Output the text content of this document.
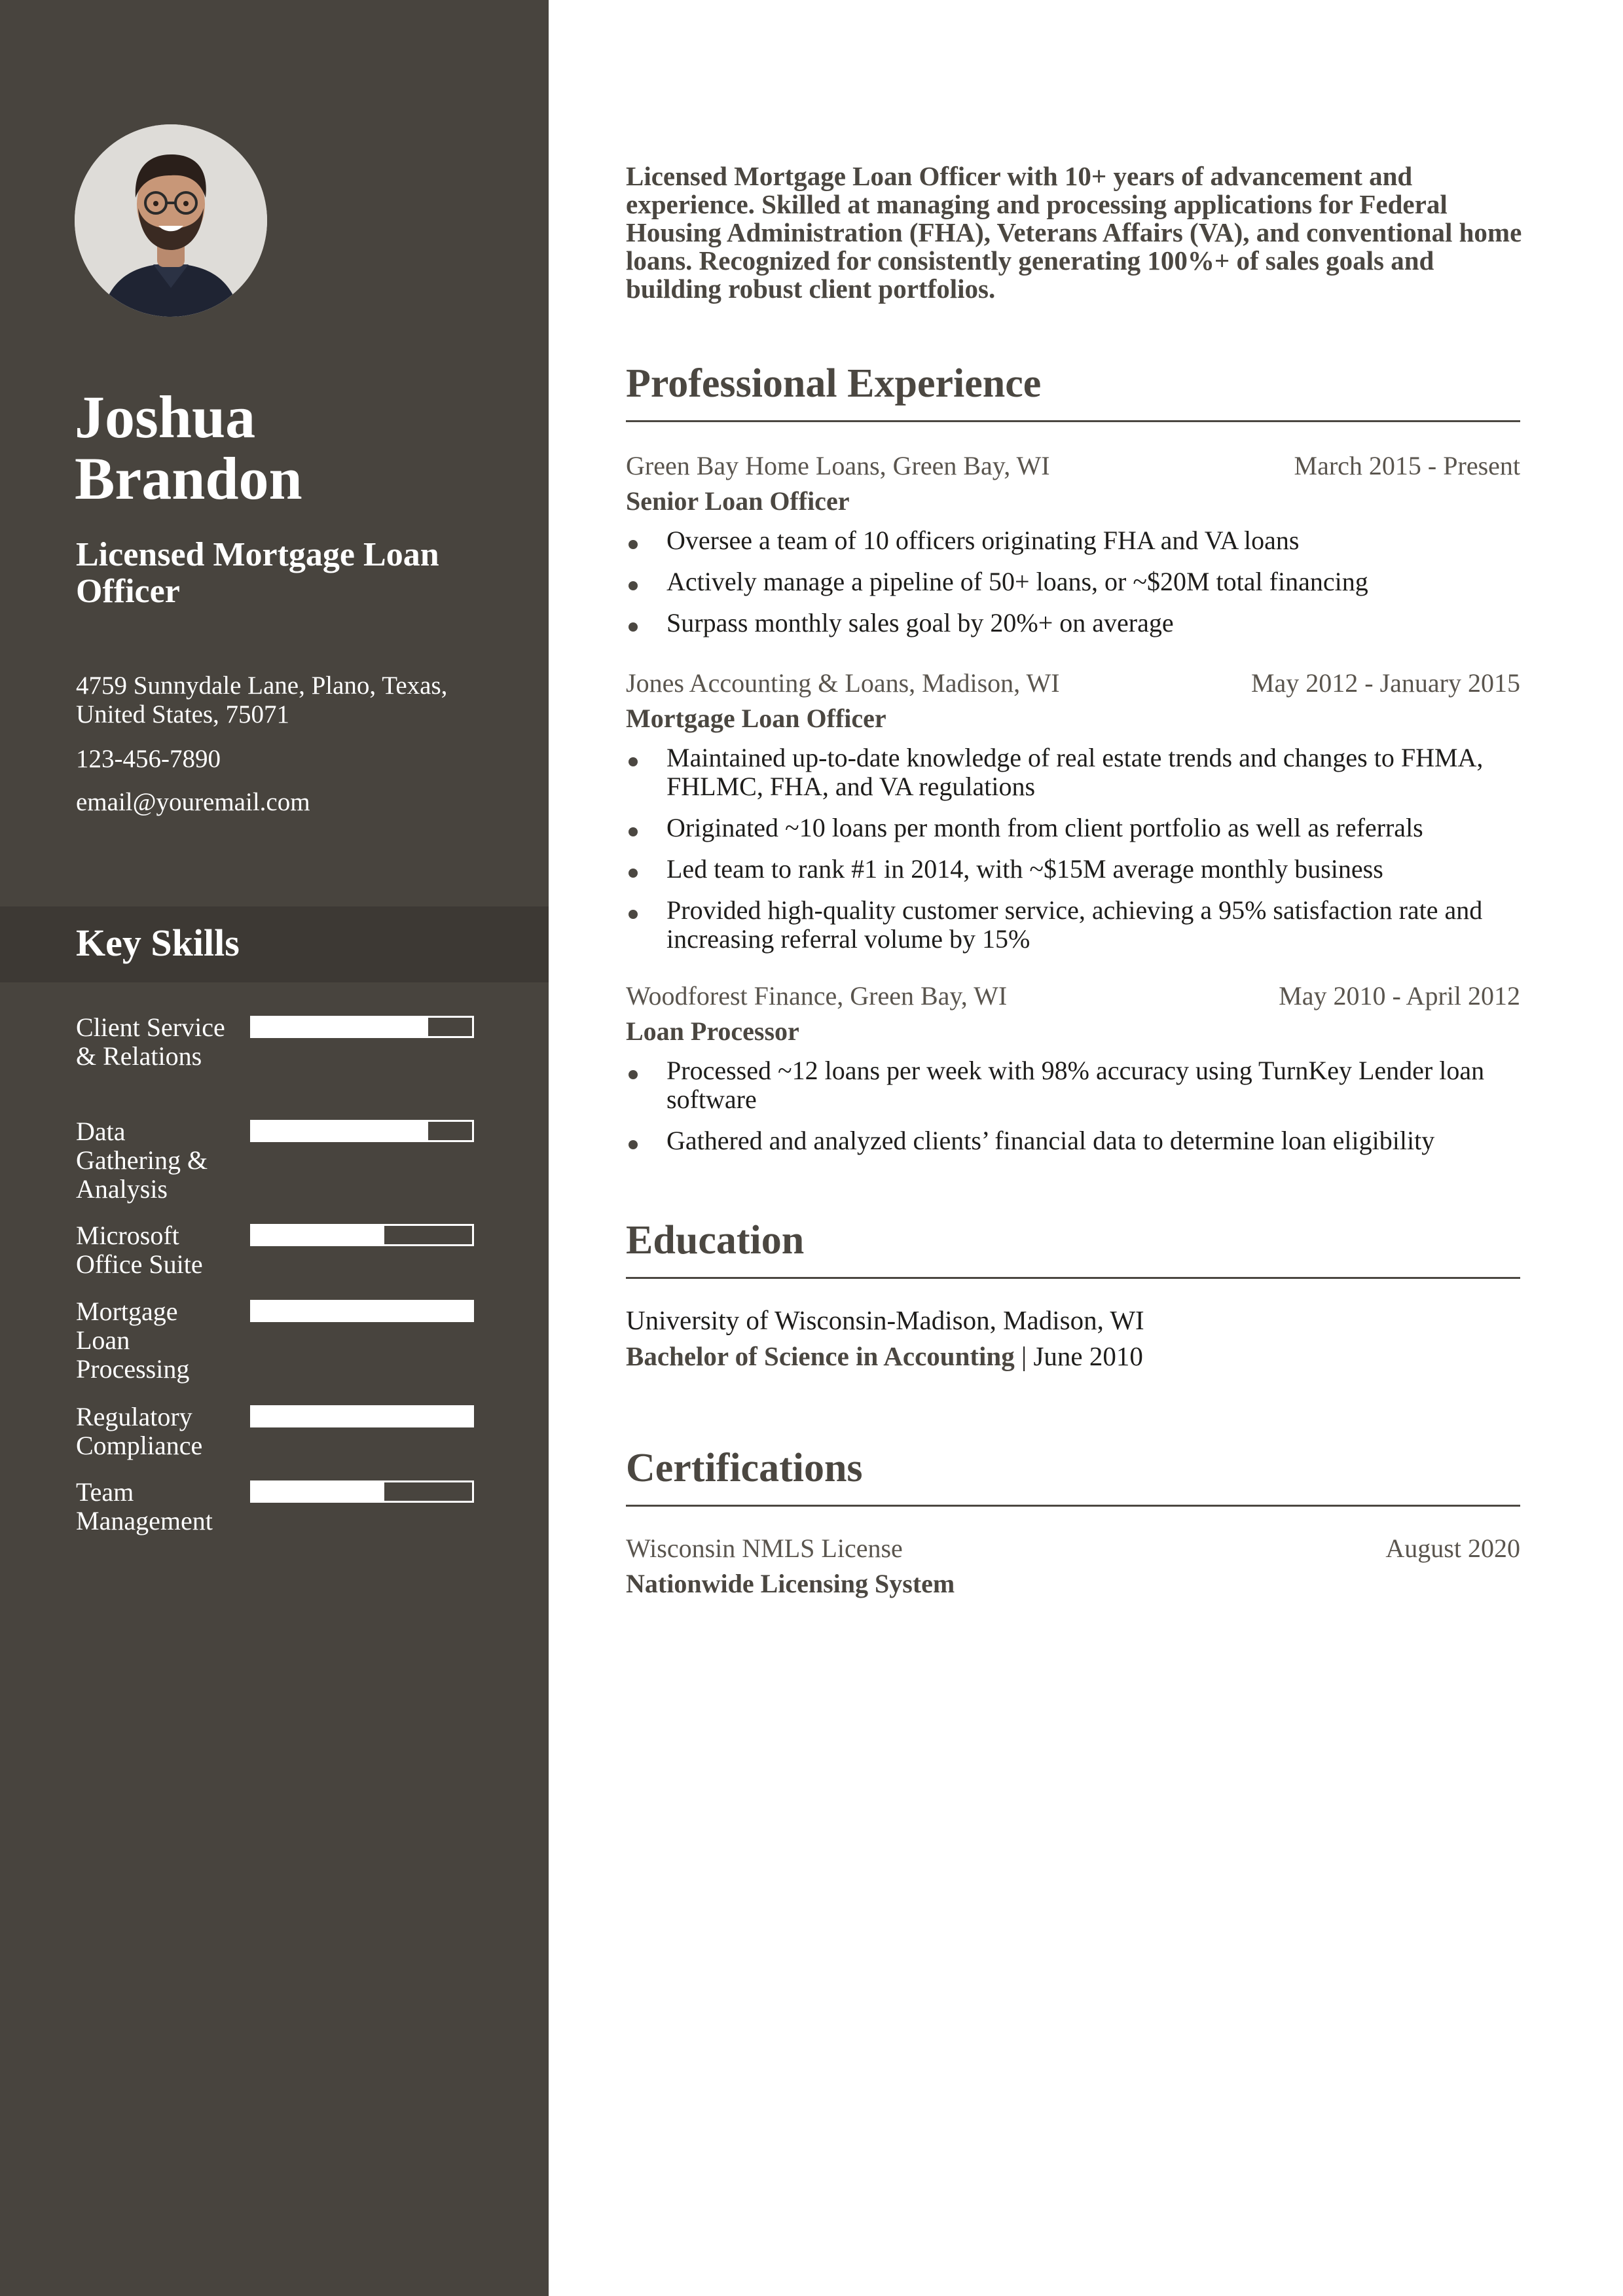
Joshua
Brandon
Licensed Mortgage Loan Officer
4759 Sunnydale Lane, Plano, Texas, United States, 75071
123-456-7890
email@youremail.com
Key Skills
Client Service & Relations
Data Gathering & Analysis
Microsoft Office Suite
Mortgage Loan Processing
Regulatory Compliance
Team Management

Licensed Mortgage Loan Officer with 10+ years of advancement and experience. Skilled at managing and processing applications for Federal Housing Administration (FHA), Veterans Affairs (VA), and conventional home loans. Recognized for consistently generating 100%+ of sales goals and building robust client portfolios.

Professional Experience
Green Bay Home Loans, Green Bay, WI	March 2015 - Present
Senior Loan Officer
Oversee a team of 10 officers originating FHA and VA loans
Actively manage a pipeline of 50+ loans, or ~$20M total financing
Surpass monthly sales goal by 20%+ on average
Jones Accounting & Loans, Madison, WI	May 2012 - January 2015
Mortgage Loan Officer
Maintained up-to-date knowledge of real estate trends and changes to FHMA, FHLMC, FHA, and VA regulations
Originated ~10 loans per month from client portfolio as well as referrals
Led team to rank #1 in 2014, with ~$15M average monthly business
Provided high-quality customer service, achieving a 95% satisfaction rate and increasing referral volume by 15%
Woodforest Finance, Green Bay, WI	May 2010 - April 2012
Loan Processor
Processed ~12 loans per week with 98% accuracy using TurnKey Lender loan software
Gathered and analyzed clients’ financial data to determine loan eligibility
Education
University of Wisconsin-Madison, Madison, WI
Bachelor of Science in Accounting | June 2010
Certifications
Wisconsin NMLS License	August 2020
Nationwide Licensing System
